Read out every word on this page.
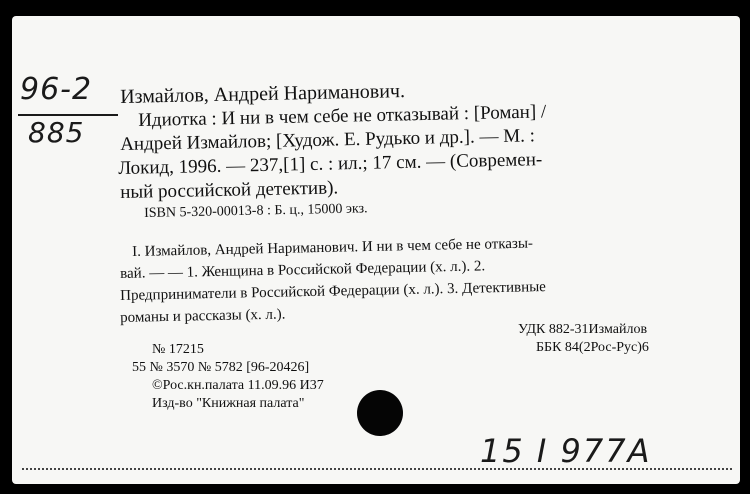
96-2
885
Измайлов, Андрей Нариманович.
Идиотка : И ни в чем себе не отказывай : [Роман] /
Андрей Измайлов; [Худож. Е. Рудько и др.]. — М. :
Локид, 1996. — 237,[1] с. : ил.; 17 см. — (Современ-
ный российской детектив).
ISBN 5-320-00013-8 : Б. ц., 15000 экз.
I. Измайлов, Андрей Нариманович. И ни в чем себе не отказы-
вай. — — 1. Женщина в Российской Федерации (х. л.). 2.
Предприниматели в Российской Федерации (х. л.). 3. Детективные
романы и рассказы (х. л.).
№ 17215
55 № 3570 № 5782 [96-20426]
©Рос.кн.палата 11.09.96 И37
Изд-во "Книжная палата"
УДК 882-31Измайлов
ББК 84(2Рос-Рус)6
15 I 977A
